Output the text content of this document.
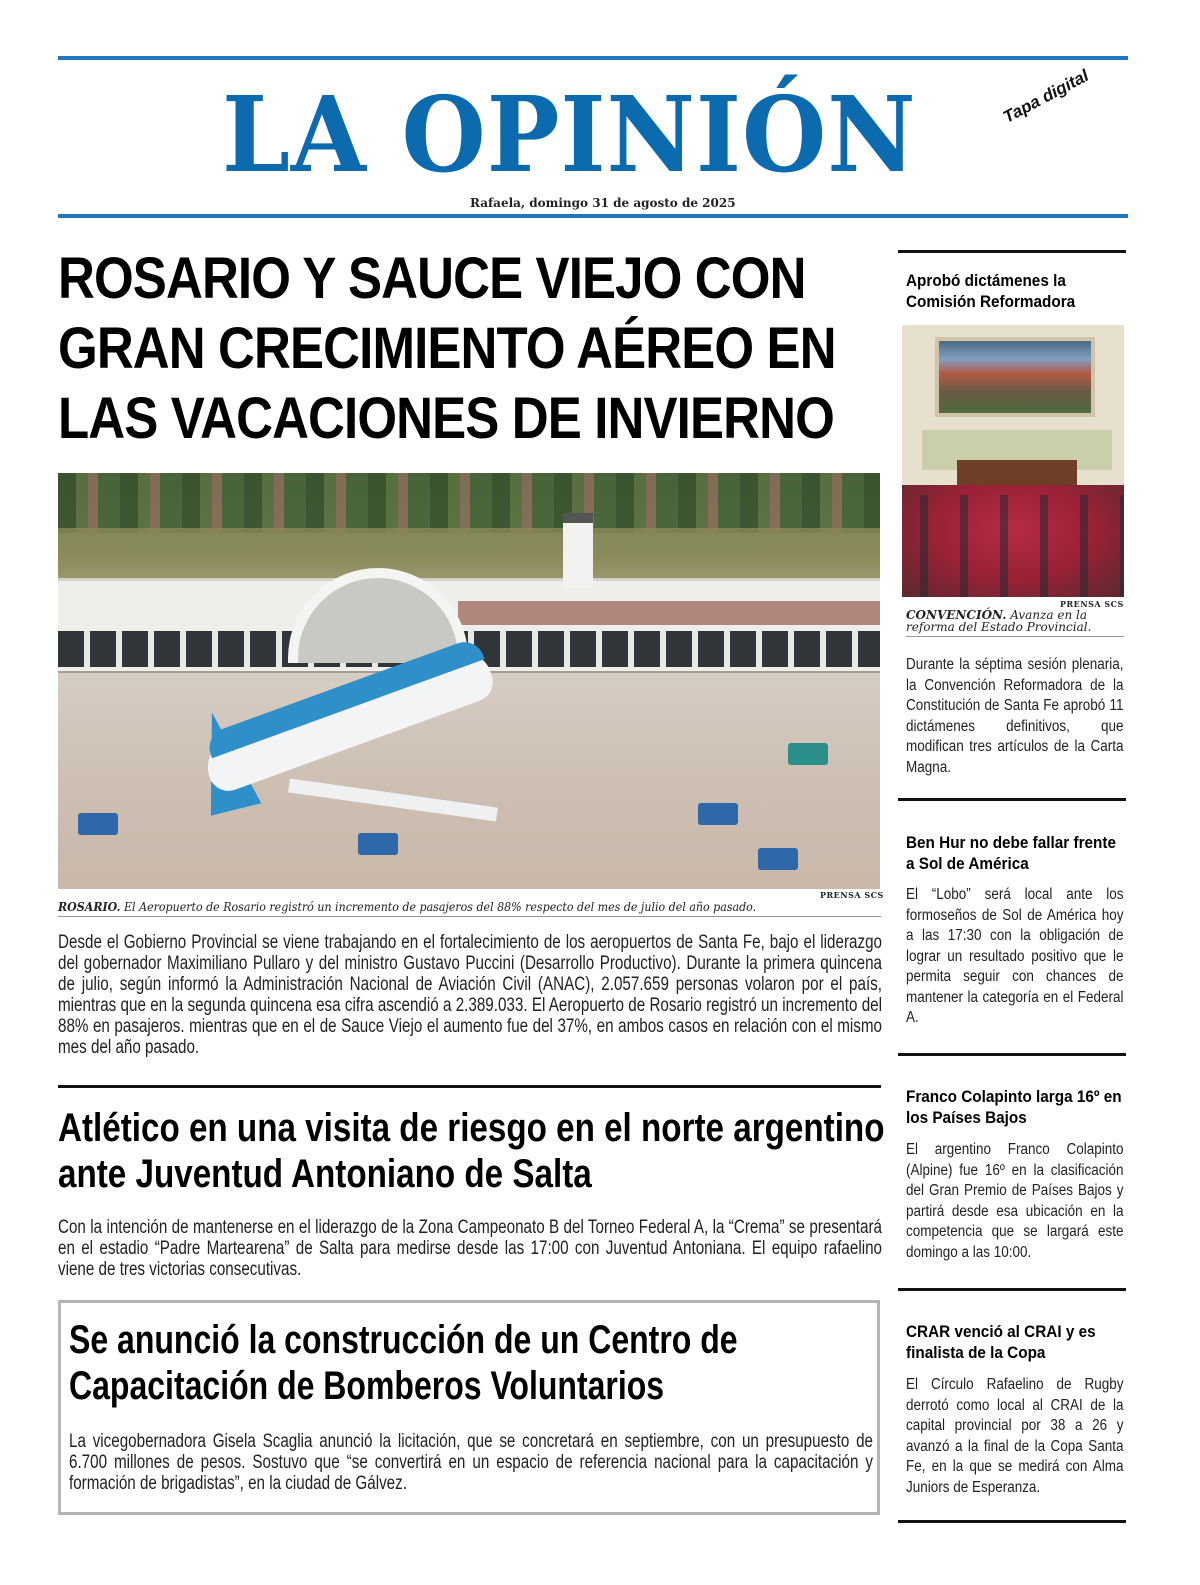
LA OPINIÓN	Tapa digital
Rafaela, domingo 31 de agosto de 2025
ROSARIO Y SAUCE VIEJO CON GRAN CRECIMIENTO AÉREO EN LAS VACACIONES DE INVIERNO
PRENSA SCS
ROSARIO. El Aeropuerto de Rosario registró un incremento de pasajeros del 88% respecto del mes de julio del año pasado.

Desde el Gobierno Provincial se viene trabajando en el fortalecimiento de los aeropuertos de Santa Fe, bajo el liderazgo del gobernador Maximiliano Pullaro y del ministro Gustavo Puccini (Desarrollo Productivo). Durante la primera quincena de julio, según informó la Administración Nacional de Aviación Civil (ANAC), 2.057.659 personas volaron por el país, mientras que en la segunda quincena esa cifra ascendió a 2.389.033. El Aeropuerto de Rosario registró un incremento del 88% en pasajeros. mientras que en el de Sauce Viejo el aumento fue del 37%, en ambos casos en relación con el mismo mes del año pasado.

Atlético en una visita de riesgo en el norte argentino ante Juventud Antoniano de Salta

Con la intención de mantenerse en el liderazgo de la Zona Campeonato B del Torneo Federal A, la “Crema” se presentará en el estadio “Padre Martearena” de Salta para medirse desde las 17:00 con Juventud Antoniana. El equipo rafaelino viene de tres victorias consecutivas.

Se anunció la construcción de un Centro de Capacitación de Bomberos Voluntarios

La vicegobernadora Gisela Scaglia anunció la licitación, que se concretará en septiembre, con un presupuesto de 6.700 millones de pesos. Sostuvo que “se convertirá en un espacio de referencia nacional para la capacitación y formación de brigadistas”, en la ciudad de Gálvez.

Aprobó dictámenes la Comisión Reformadora
PRENSA SCS
CONVENCIÓN. Avanza en la reforma del Estado Provincial.

Durante la séptima sesión plenaria, la Convención Reformadora de la Constitución de Santa Fe aprobó 11 dictámenes definitivos, que modifican tres artículos de la Carta Magna.

Ben Hur no debe fallar frente a Sol de América

El “Lobo” será local ante los formoseños de Sol de América hoy a las 17:30 con la obligación de lograr un resultado positivo que le permita seguir con chances de mantener la categoría en el Federal A.

Franco Colapinto larga 16º en los Países Bajos

El argentino Franco Colapinto (Alpine) fue 16º en la clasificación del Gran Premio de Países Bajos y partirá desde esa ubicación en la competencia que se largará este domingo a las 10:00.

CRAR venció al CRAI y es finalista de la Copa

El Círculo Rafaelino de Rugby derrotó como local al CRAI de la capital provincial por 38 a 26 y avanzó a la final de la Copa Santa Fe, en la que se medirá con Alma Juniors de Esperanza.
